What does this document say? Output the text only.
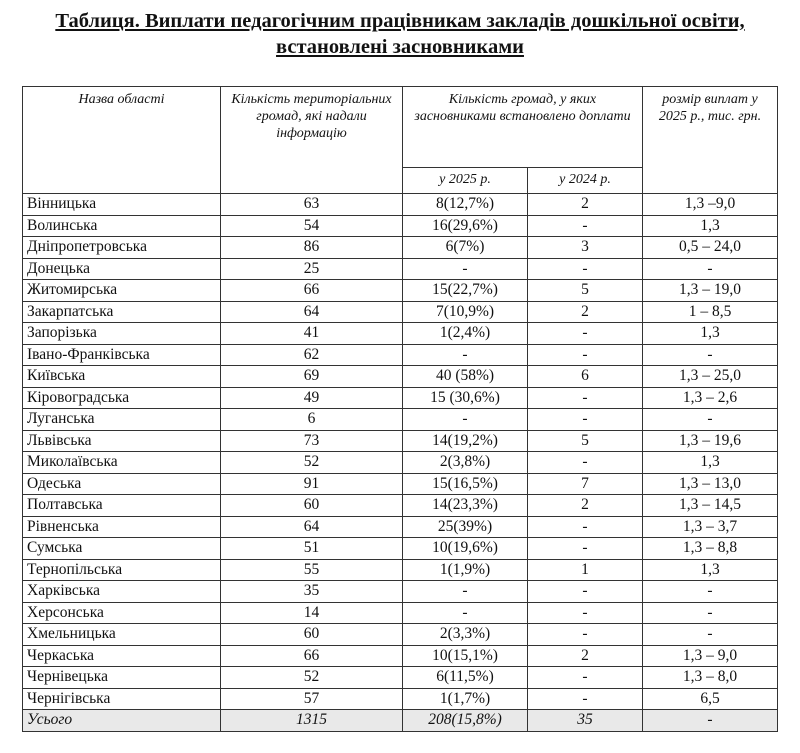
Таблиця. Виплати педагогічним працівникам закладів дошкільної освіти,
встановлені засновниками
Назва області	Кількість територіальних громад, які надали інформацію	Кількість громад, у яких засновниками встановлено доплати		розмір виплат у 2025 р., тис. грн.
		у 2025 р.	у 2024 р.	
Вінницька	63	8(12,7%)	2	1,3 –9,0
Волинська	54	16(29,6%)	-	1,3
Дніпропетровська	86	6(7%)	3	0,5 – 24,0
Донецька	25	-	-	-
Житомирська	66	15(22,7%)	5	1,3 – 19,0
Закарпатська	64	7(10,9%)	2	1 – 8,5
Запорізька	41	1(2,4%)	-	1,3
Івано-Франківська	62	-	-	-
Київська	69	40 (58%)	6	1,3 – 25,0
Кіровоградська	49	15 (30,6%)	-	1,3 – 2,6
Луганська	6	-	-	-
Львівська	73	14(19,2%)	5	1,3 – 19,6
Миколаївська	52	2(3,8%)	-	1,3
Одеська	91	15(16,5%)	7	1,3 – 13,0
Полтавська	60	14(23,3%)	2	1,3 – 14,5
Рівненська	64	25(39%)	-	1,3 – 3,7
Сумська	51	10(19,6%)	-	1,3 – 8,8
Тернопільська	55	1(1,9%)	1	1,3
Харківська	35	-	-	-
Херсонська	14	-	-	-
Хмельницька	60	2(3,3%)	-	-
Черкаська	66	10(15,1%)	2	1,3 – 9,0
Чернівецька	52	6(11,5%)	-	1,3 – 8,0
Чернігівська	57	1(1,7%)	-	6,5
Усього	1315	208(15,8%)	35	-
